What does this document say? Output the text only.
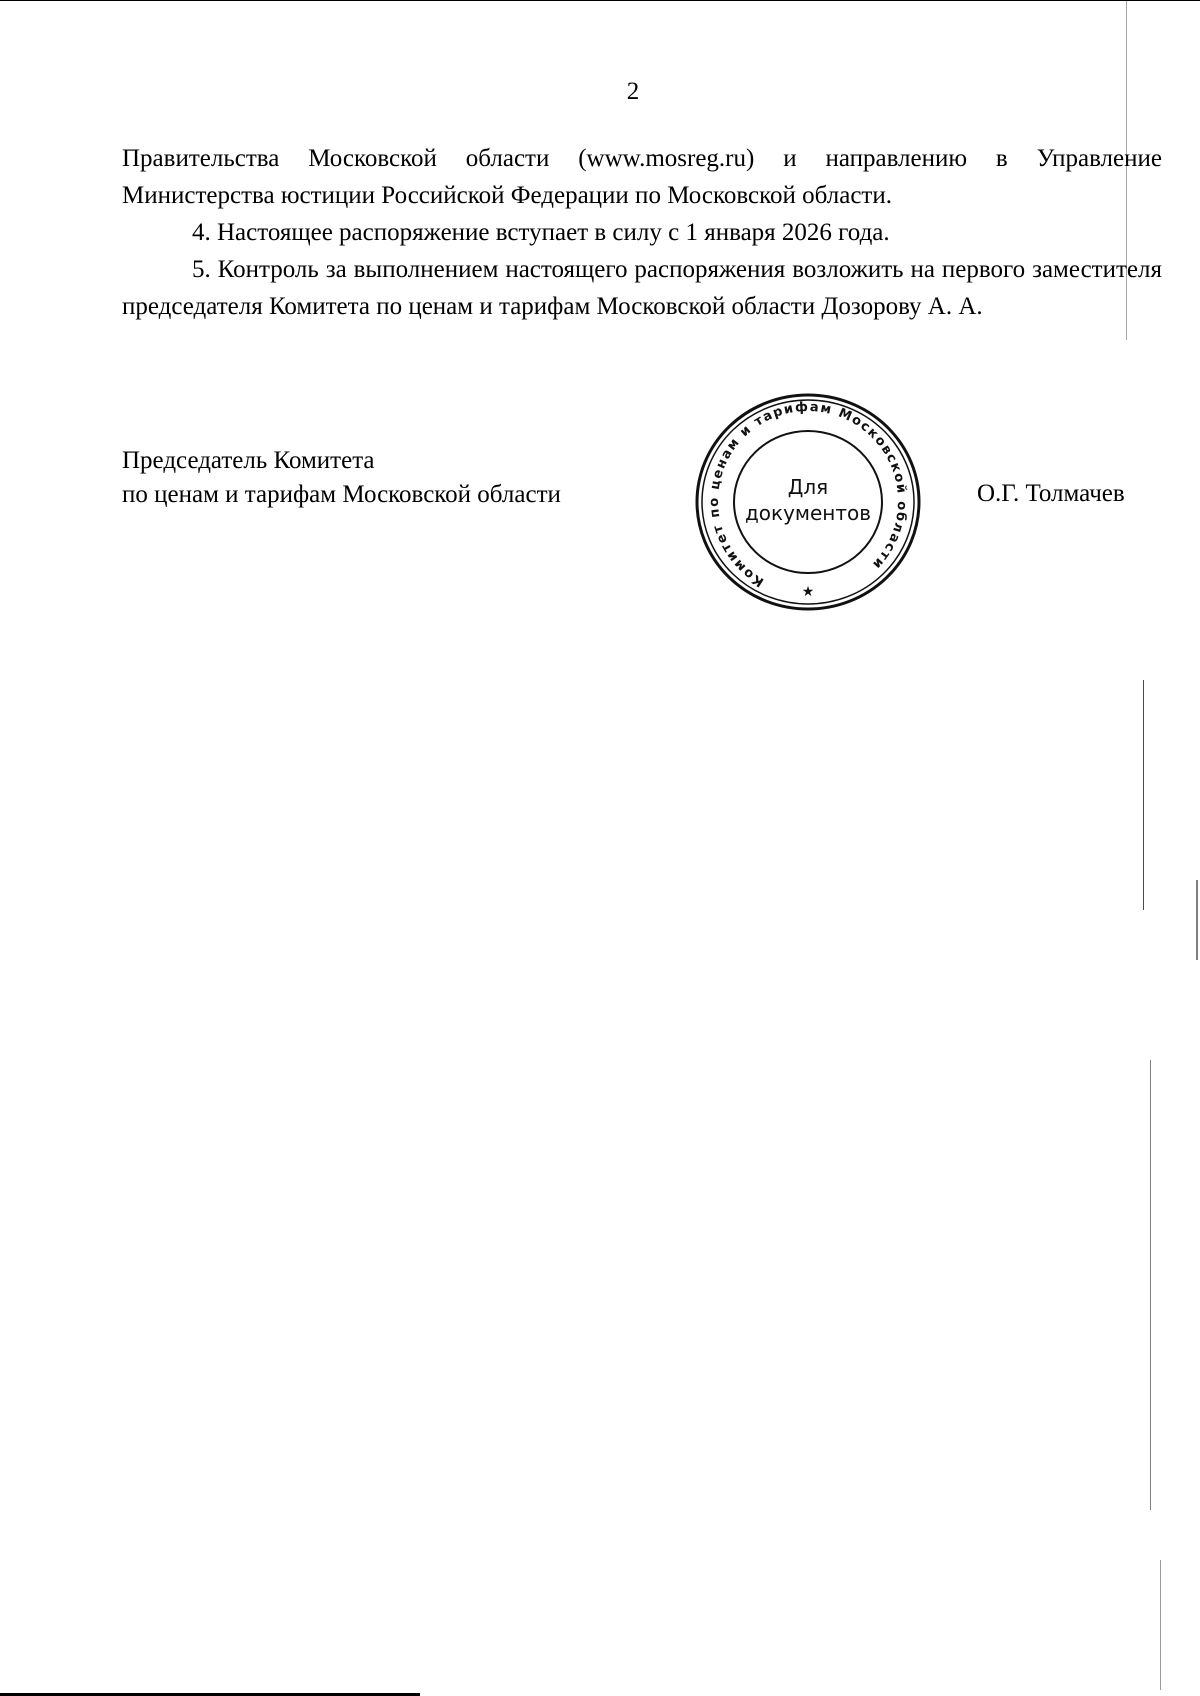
2

Правительства Московской области (www.mosreg.ru) и направлению в Управление Министерства юстиции Российской Федерации по Московской области.

4. Настоящее распоряжение вступает в силу с 1 января 2026 года.

5. Контроль за выполнением настоящего распоряжения возложить на первого заместителя председателя Комитета по ценам и тарифам Московской области Дозорову А. А.

Председатель Комитета
по ценам и тарифам Московской области
Комитет по ценам и тарифам Московской области
Для
документов
★
О.Г. Толмачев
